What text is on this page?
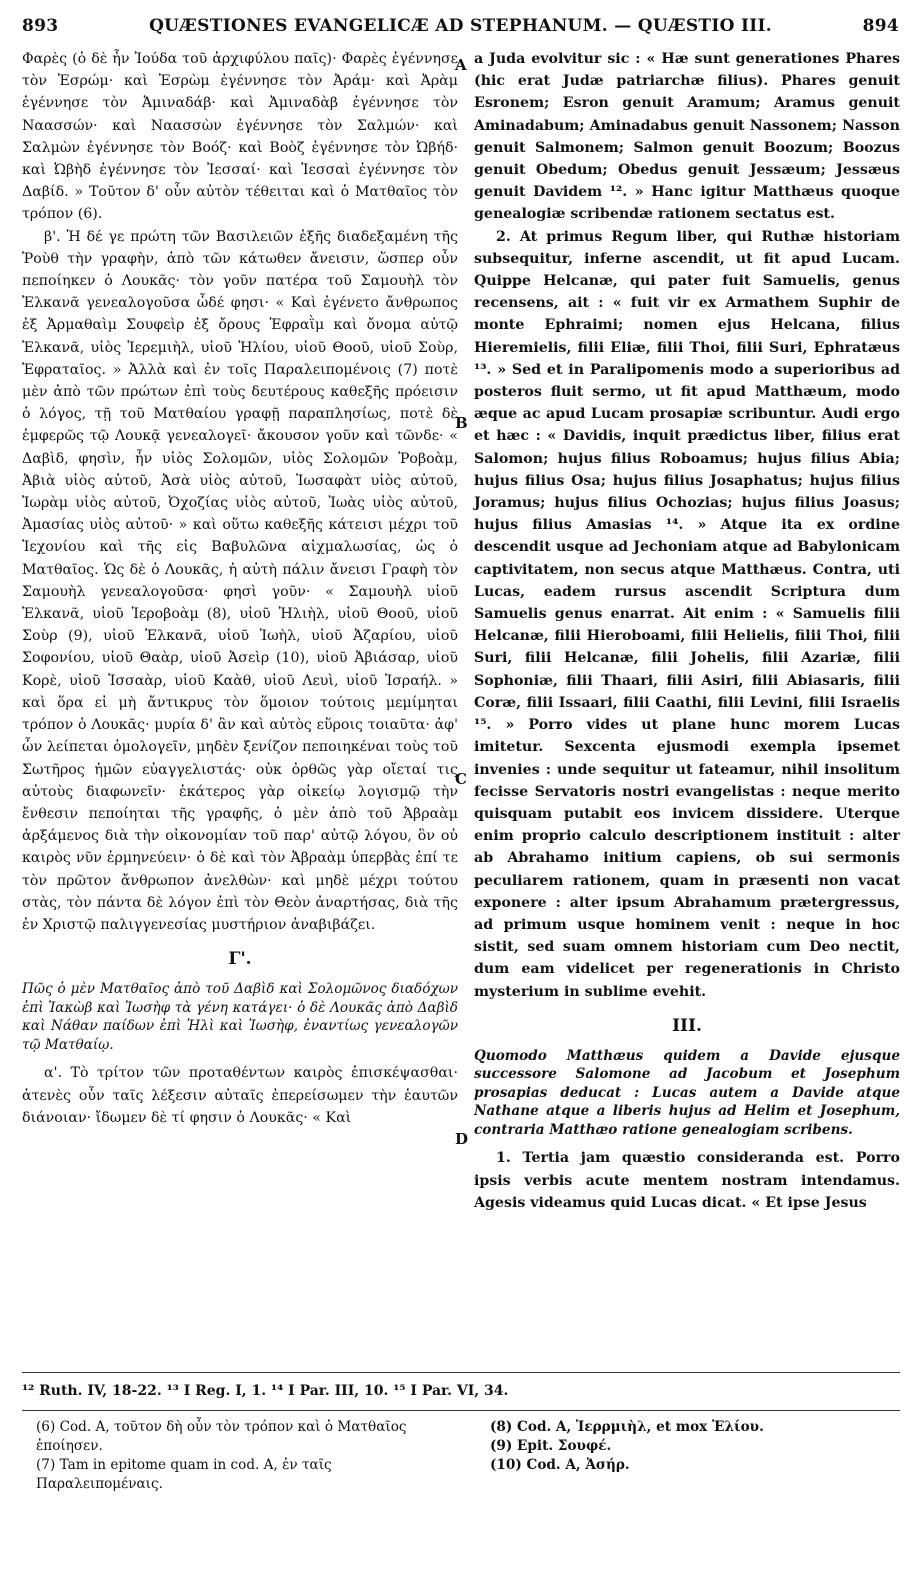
893	QUÆSTIONES EVANGELICÆ AD STEPHANUM. — QUÆSTIO III.	894

Φαρὲς (ὁ δὲ ἦν Ἰούδα τοῦ ἀρχιφύλου παῖς)· Φαρὲς ἐγέννησε τὸν Ἐσρώμ· καὶ Ἐσρὼμ ἐγέννησε τὸν Ἀράμ· καὶ Ἀρὰμ ἐγέννησε τὸν Ἀμιναδάβ· καὶ Ἀμιναδὰβ ἐγέννησε τὸν Ναασσών· καὶ Ναασσὼν ἐγέννησε τὸν Σαλμών· καὶ Σαλμὼν ἐγέννησε τὸν Βοόζ· καὶ Βοὸζ ἐγέννησε τὸν Ὠβήδ· καὶ Ὠβὴδ ἐγέννησε τὸν Ἰεσσαί· καὶ Ἰεσσαὶ ἐγέννησε τὸν Δαβίδ. » Τοῦτον δ' οὖν αὐτὸν τέθειται καὶ ὁ Ματθαῖος τὸν τρόπον (6).

β'. Ἡ δέ γε πρώτη τῶν Βασιλειῶν ἑξῆς διαδεξαμένη τῆς Ῥοὺθ τὴν γραφὴν, ἀπὸ τῶν κάτωθεν ἄνεισιν, ὥσπερ οὖν πεποίηκεν ὁ Λουκᾶς· τὸν γοῦν πατέρα τοῦ Σαμουὴλ τὸν Ἐλκανᾶ γενεαλογοῦσα ὧδέ φησι· « Καὶ ἐγένετο ἄνθρωπος ἐξ Ἀρμαθαὶμ Σουφεὶρ ἐξ ὄρους Ἐφραῒμ καὶ ὄνομα αὐτῷ Ἐλκανᾶ, υἱὸς Ἱερεμιὴλ, υἱοῦ Ἠλίου, υἱοῦ Θοοῦ, υἱοῦ Σοὺρ, Ἐφραταῖος. » Ἀλλὰ καὶ ἐν τοῖς Παραλειπομένοις (7) ποτὲ μὲν ἀπὸ τῶν πρώτων ἐπὶ τοὺς δευτέρους καθεξῆς πρόεισιν ὁ λόγος, τῇ τοῦ Ματθαίου γραφῇ παραπλησίως, ποτὲ δὲ ἐμφερῶς τῷ Λουκᾷ γενεαλογεῖ· ἄκουσον γοῦν καὶ τῶνδε· « Δαβὶδ, φησὶν, ἦν υἱὸς Σολομῶν, υἱὸς Σολομῶν Ῥοβοὰμ, Ἀβιὰ υἱὸς αὐτοῦ, Ἀσὰ υἱὸς αὐτοῦ, Ἰωσαφὰτ υἱὸς αὐτοῦ, Ἰωρὰμ υἱὸς αὐτοῦ, Ὀχοζίας υἱὸς αὐτοῦ, Ἰωὰς υἱὸς αὐτοῦ, Ἀμασίας υἱὸς αὐτοῦ· » καὶ οὕτω καθεξῆς κάτεισι μέχρι τοῦ Ἰεχονίου καὶ τῆς εἰς Βαβυλῶνα αἰχμαλωσίας, ὡς ὁ Ματθαῖος. Ὡς δὲ ὁ Λουκᾶς, ἡ αὐτὴ πάλιν ἄνεισι Γραφὴ τὸν Σαμουὴλ γενεαλογοῦσα· φησὶ γοῦν· « Σαμουὴλ υἱοῦ Ἐλκανᾶ, υἱοῦ Ἱεροβοὰμ (8), υἱοῦ Ἠλιὴλ, υἱοῦ Θοοῦ, υἱοῦ Σοὺρ (9), υἱοῦ Ἐλκανᾶ, υἱοῦ Ἰωὴλ, υἱοῦ Ἀζαρίου, υἱοῦ Σοφονίου, υἱοῦ Θαὰρ, υἱοῦ Ἀσεὶρ (10), υἱοῦ Ἀβιάσαρ, υἱοῦ Κορὲ, υἱοῦ Ἰσσαὰρ, υἱοῦ Καὰθ, υἱοῦ Λευὶ, υἱοῦ Ἰσραήλ. » καὶ ὅρα εἰ μὴ ἄντικρυς τὸν ὅμοιον τούτοις μεμίμηται τρόπον ὁ Λουκᾶς· μυρία δ' ἂν καὶ αὐτὸς εὕροις τοιαῦτα· ἀφ' ὧν λείπεται ὁμολογεῖν, μηδὲν ξενίζον πεποιηκέναι τοὺς τοῦ Σωτῆρος ἡμῶν εὐαγγελιστάς· οὐκ ὀρθῶς γὰρ οἴεταί τις αὐτοὺς διαφωνεῖν· ἑκάτερος γὰρ οἰκείῳ λογισμῷ τὴν ἔνθεσιν πεποίηται τῆς γραφῆς, ὁ μὲν ἀπὸ τοῦ Ἀβραὰμ ἀρξάμενος διὰ τὴν οἰκονομίαν τοῦ παρ' αὐτῷ λόγου, ὃν οὐ καιρὸς νῦν ἑρμηνεύειν· ὁ δὲ καὶ τὸν Ἀβραὰμ ὑπερβὰς ἐπί τε τὸν πρῶτον ἄνθρωπον ἀνελθὼν· καὶ μηδὲ μέχρι τούτου στὰς, τὸν πάντα δὲ λόγον ἐπὶ τὸν Θεὸν ἀναρτήσας, διὰ τῆς ἐν Χριστῷ παλιγγενεσίας μυστήριον ἀναβιβάζει.

Γ'.

Πῶς ὁ μὲν Ματθαῖος ἀπὸ τοῦ Δαβὶδ καὶ Σολομῶνος διαδόχων ἐπὶ Ἰακὼβ καὶ Ἰωσὴφ τὰ γένη κατάγει· ὁ δὲ Λουκᾶς ἀπὸ Δαβὶδ καὶ Νάθαν παίδων ἐπὶ Ἠλὶ καὶ Ἰωσὴφ, ἐναντίως γενεαλογῶν τῷ Ματθαίῳ.

α'. Τὸ τρίτον τῶν προταθέντων καιρὸς ἐπισκέψασθαι· ἀτενὲς οὖν ταῖς λέξεσιν αὐταῖς ἐπερείσωμεν τὴν ἑαυτῶν διάνοιαν· ἴδωμεν δὲ τί φησιν ὁ Λουκᾶς· « Καὶ

a Juda evolvitur sic : « Hæ sunt generationes Phares (hic erat Judæ patriarchæ filius). Phares genuit Esronem; Esron genuit Aramum; Aramus genuit Aminadabum; Aminadabus genuit Nassonem; Nasson genuit Salmonem; Salmon genuit Boozum; Boozus genuit Obedum; Obedus genuit Jessæum; Jessæus genuit Davidem ¹². » Hanc igitur Matthæus quoque genealogiæ scribendæ rationem sectatus est.

2. At primus Regum liber, qui Ruthæ historiam subsequitur, inferne ascendit, ut fit apud Lucam. Quippe Helcanæ, qui pater fuit Samuelis, genus recensens, ait : « fuit vir ex Armathem Suphir de monte Ephraimi; nomen ejus Helcana, filius Hieremielis, filii Eliæ, filii Thoi, filii Suri, Ephratæus ¹³. » Sed et in Paralipomenis modo a superioribus ad posteros fluit sermo, ut fit apud Matthæum, modo æque ac apud Lucam prosapiæ scribuntur. Audi ergo et hæc : « Davidis, inquit prædictus liber, filius erat Salomon; hujus filius Roboamus; hujus filius Abia; hujus filius Osa; hujus filius Josaphatus; hujus filius Joramus; hujus filius Ochozias; hujus filius Joasus; hujus filius Amasias ¹⁴. » Atque ita ex ordine descendit usque ad Jechoniam atque ad Babylonicam captivitatem, non secus atque Matthæus. Contra, uti Lucas, eadem rursus ascendit Scriptura dum Samuelis genus enarrat. Ait enim : « Samuelis filii Helcanæ, filii Hieroboami, filii Helielis, filii Thoi, filii Suri, filii Helcanæ, filii Johelis, filii Azariæ, filii Sophoniæ, filii Thaari, filii Asiri, filii Abiasaris, filii Coræ, filii Issaari, filii Caathi, filii Levini, filii Israelis ¹⁵. » Porro vides ut plane hunc morem Lucas imitetur. Sexcenta ejusmodi exempla ipsemet invenies : unde sequitur ut fateamur, nihil insolitum fecisse Servatoris nostri evangelistas : neque merito quisquam putabit eos invicem dissidere. Uterque enim proprio calculo descriptionem instituit : alter ab Abrahamo initium capiens, ob sui sermonis peculiarem rationem, quam in præsenti non vacat exponere : alter ipsum Abrahamum prætergressus, ad primum usque hominem venit : neque in hoc sistit, sed suam omnem historiam cum Deo nectit, dum eam videlicet per regenerationis in Christo mysterium in sublime evehit.

III.

Quomodo Matthæus quidem a Davide ejusque successore Salomone ad Jacobum et Josephum prosapias deducat : Lucas autem a Davide atque Nathane atque a liberis hujus ad Helim et Josephum, contraria Matthæo ratione genealogiam scribens.

1. Tertia jam quæstio consideranda est. Porro ipsis verbis acute mentem nostram intendamus. Agesis videamus quid Lucas dicat. « Et ipse Jesus

A
B
C
D
¹² Ruth. IV, 18-22. ¹³ I Reg. I, 1. ¹⁴ I Par. III, 10. ¹⁵ I Par. VI, 34.

(6) Cod. A, τοῦτον δὴ οὖν τὸν τρόπον καὶ ὁ Ματθαῖος ἐποίησεν.

(7) Tam in epitome quam in cod. A, ἐν ταῖς Παραλειπομέναις.

(8) Cod. A, Ἱερρμιὴλ, et mox Ἐλίου.

(9) Epit. Σουφέ.

(10) Cod. A, Ἀσήρ.
